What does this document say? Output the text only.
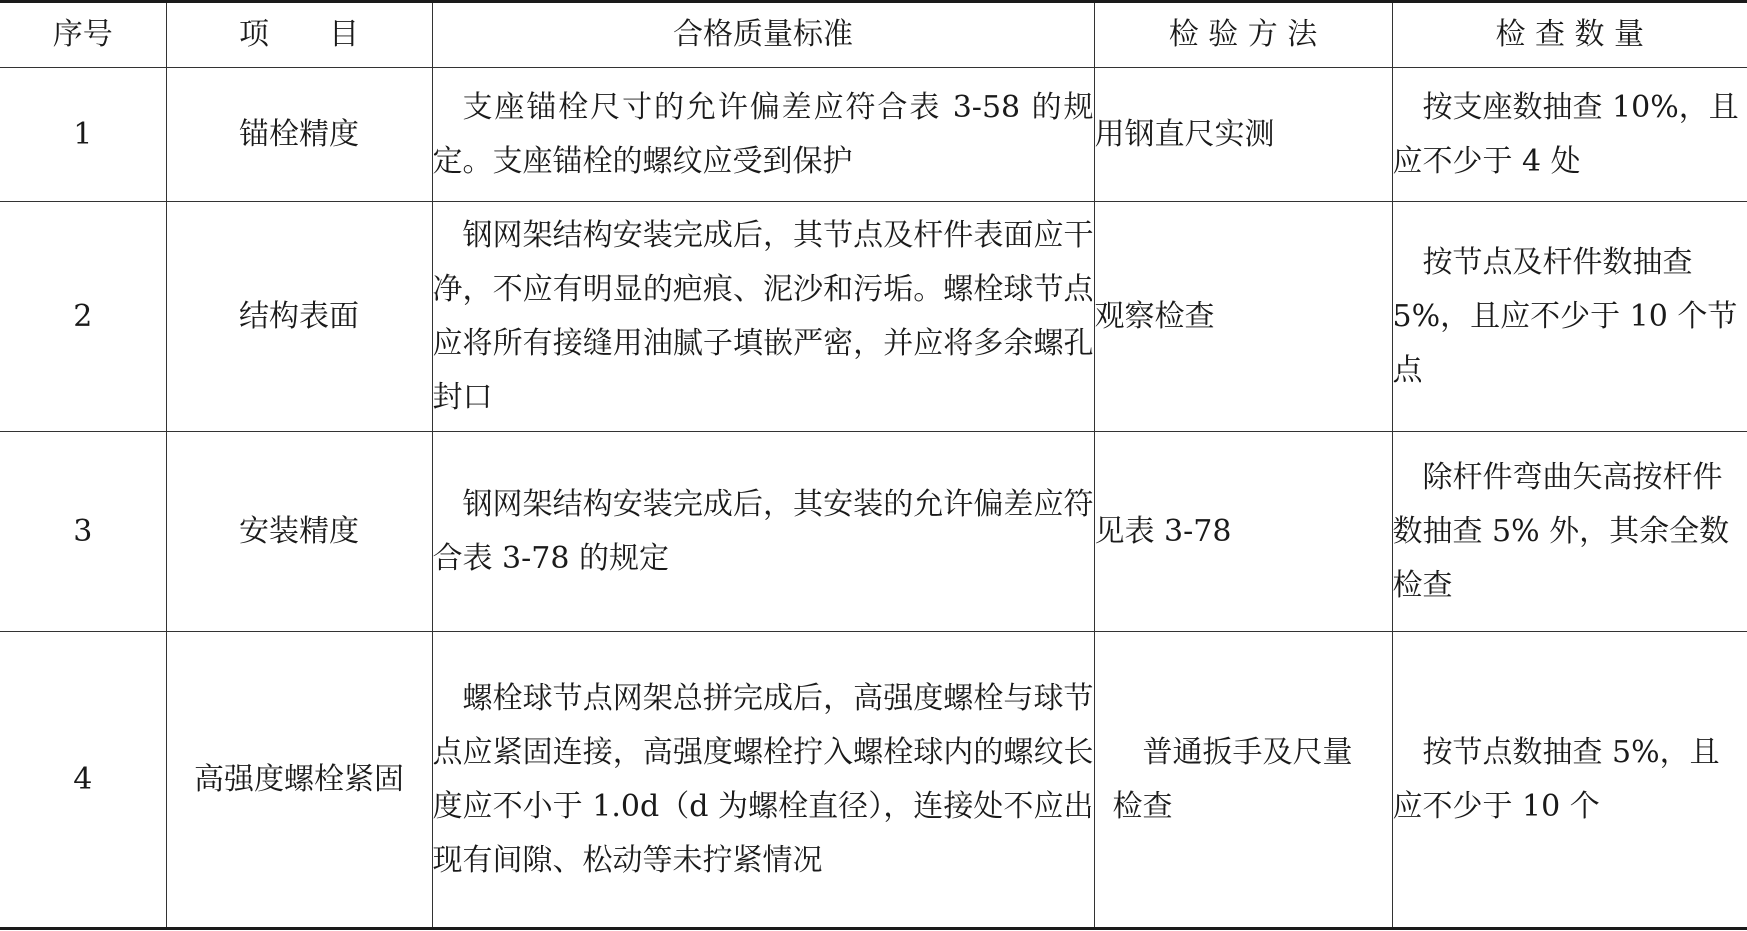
序号	项　　目	合格质量标准	检 验 方 法	检 查 数 量
1	锚栓精度	支座锚栓尺寸的允许偏差应符合表 3-58 的规定。支座锚栓的螺纹应受到保护	用钢直尺实测	按支座数抽查 10%，且应不少于 4 处

2	结构表面	钢网架结构安装完成后，其节点及杆件表面应干净，不应有明显的疤痕、泥沙和污垢。螺栓球节点应将所有接缝用油腻子填嵌严密，并应将多余螺孔封口	观察检查	按节点及杆件数抽查 5%，且应不少于 10 个节点

3	安装精度	钢网架结构安装完成后，其安装的允许偏差应符合表 3-78 的规定	见表 3-78	除杆件弯曲矢高按杆件数抽查 5% 外，其余全数检查

4	高强度螺栓紧固	螺栓球节点网架总拼完成后，高强度螺栓与球节点应紧固连接，高强度螺栓拧入螺栓球内的螺纹长度应不小于 1.0d（d 为螺栓直径），连接处不应出现有间隙、松动等未拧紧情况	普通扳手及尺量检查	按节点数抽查 5%，且应不少于 10 个
